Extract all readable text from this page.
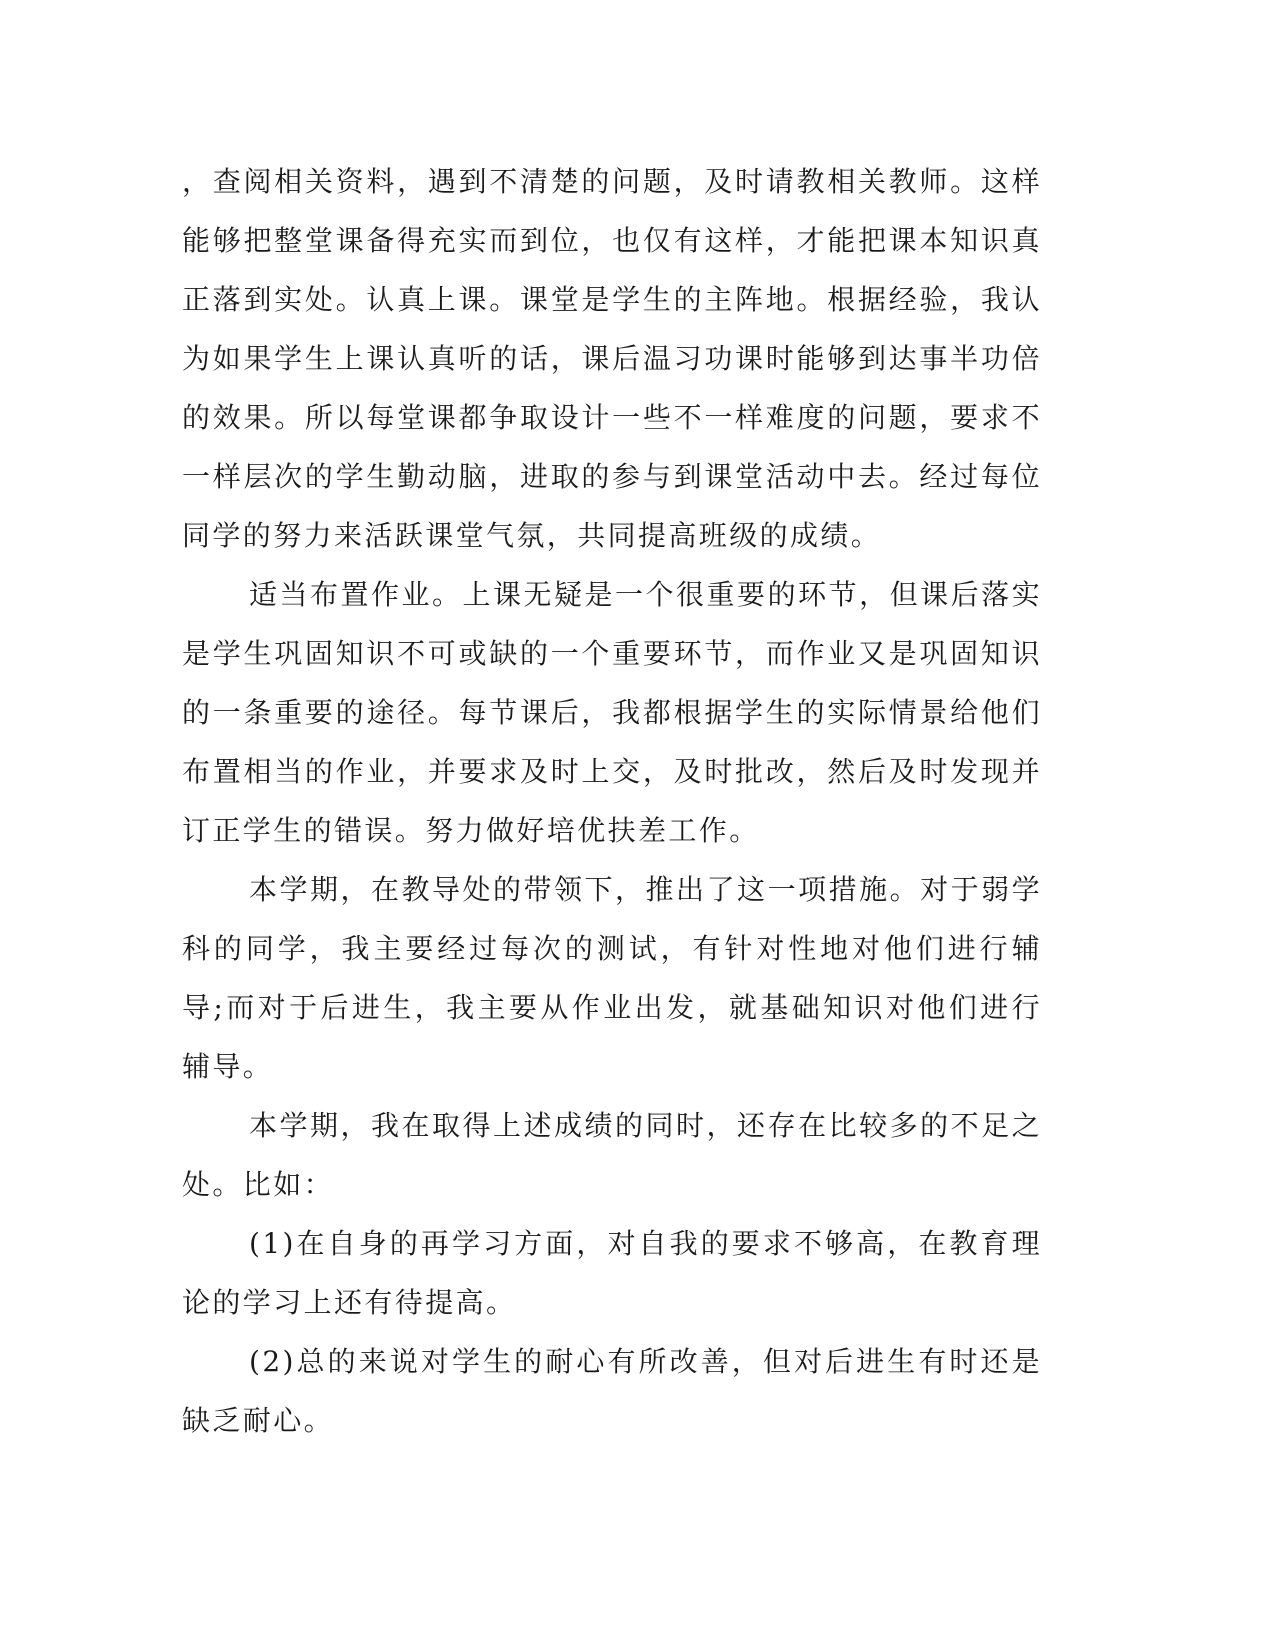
，查阅相关资料，遇到不清楚的问题，及时请教相关教师。这样能够把整堂课备得充实而到位，也仅有这样，才能把课本知识真正落到实处。认真上课。课堂是学生的主阵地。根据经验，我认为如果学生上课认真听的话，课后温习功课时能够到达事半功倍的效果。所以每堂课都争取设计一些不一样难度的问题，要求不一样层次的学生勤动脑，进取的参与到课堂活动中去。经过每位同学的努力来活跃课堂气氛，共同提高班级的成绩。

适当布置作业。上课无疑是一个很重要的环节，但课后落实是学生巩固知识不可或缺的一个重要环节，而作业又是巩固知识的一条重要的途径。每节课后，我都根据学生的实际情景给他们布置相当的作业，并要求及时上交，及时批改，然后及时发现并订正学生的错误。努力做好培优扶差工作。

本学期，在教导处的带领下，推出了这一项措施。对于弱学科的同学，我主要经过每次的测试，有针对性地对他们进行辅导;而对于后进生，我主要从作业出发，就基础知识对他们进行辅导。

本学期，我在取得上述成绩的同时，还存在比较多的不足之处。比如：

(1)在自身的再学习方面，对自我的要求不够高，在教育理论的学习上还有待提高。

(2)总的来说对学生的耐心有所改善，但对后进生有时还是缺乏耐心。
